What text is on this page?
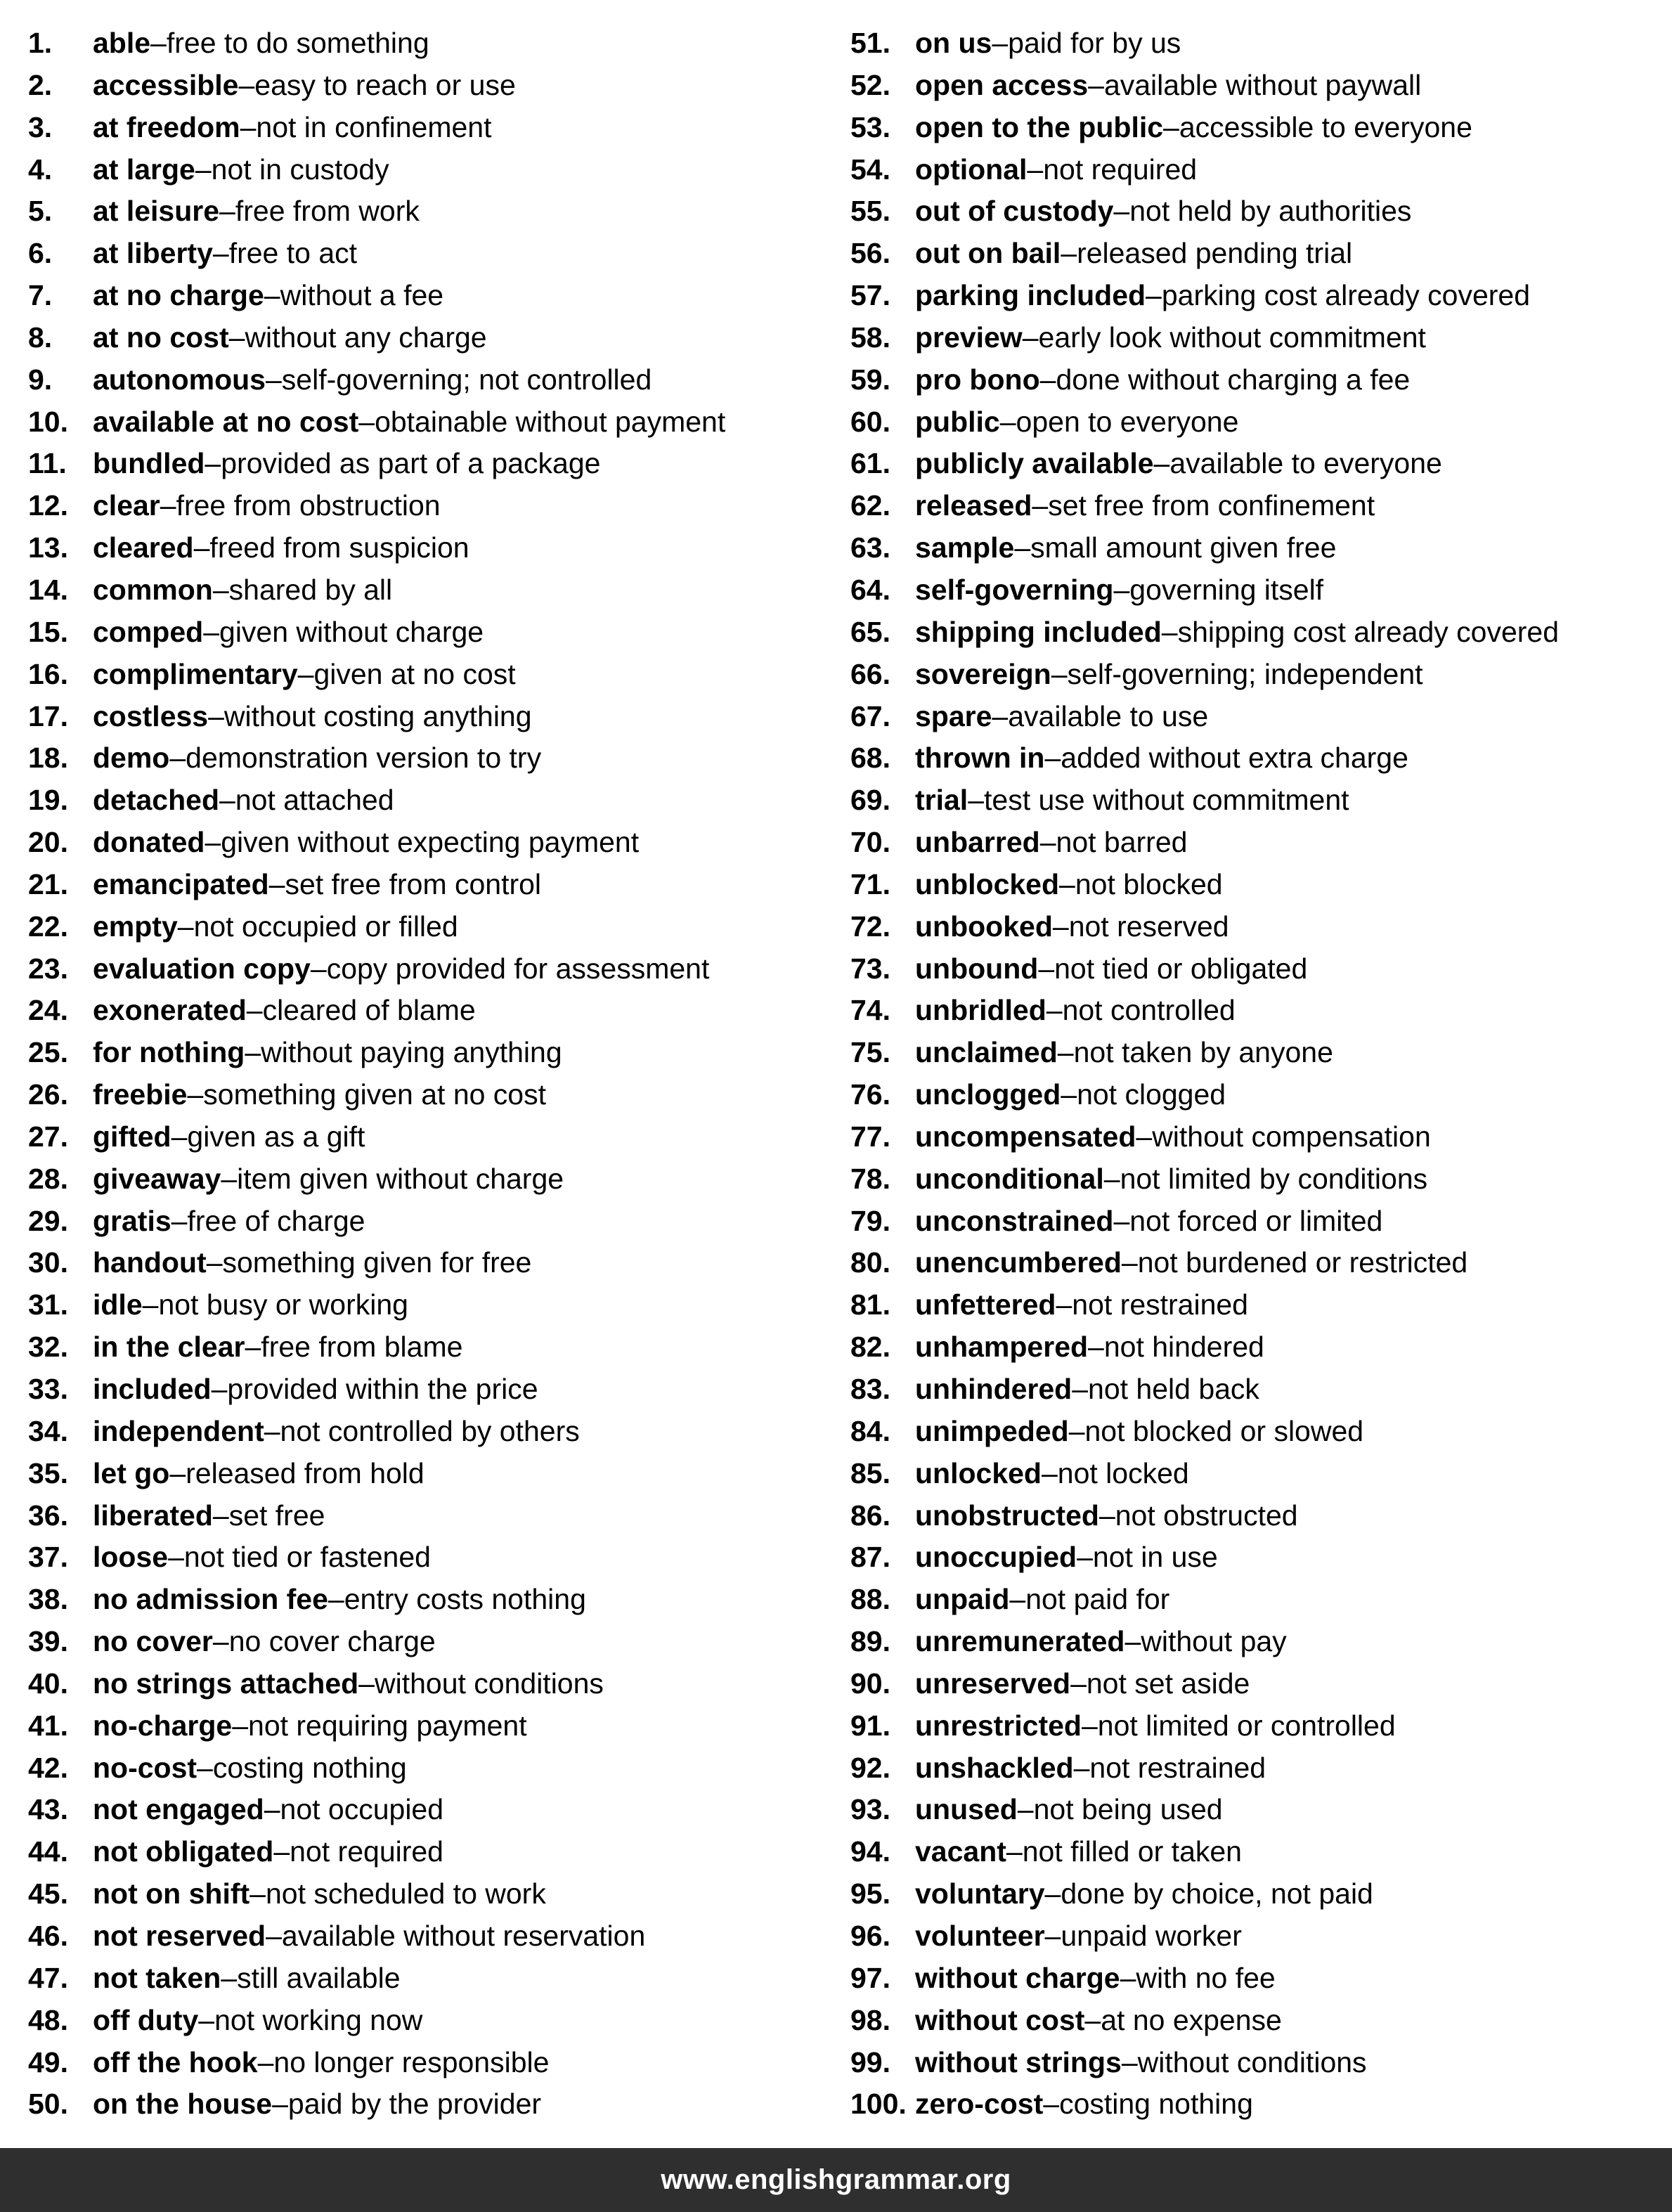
1.	able – free to do something
2.	accessible – easy to reach or use
3.	at freedom – not in confinement
4.	at large – not in custody
5.	at leisure – free from work
6.	at liberty – free to act
7.	at no charge – without a fee
8.	at no cost – without any charge
9.	autonomous – self-governing; not controlled
10. available at no cost – obtainable without payment
11. bundled – provided as part of a package
12. clear – free from obstruction
13. cleared – freed from suspicion
14. common – shared by all
15. comped – given without charge
16. complimentary – given at no cost
17. costless – without costing anything
18. demo – demonstration version to try
19. detached – not attached
20. donated – given without expecting payment
21. emancipated – set free from control
22. empty – not occupied or filled
23. evaluation copy – copy provided for assessment
24. exonerated – cleared of blame
25. for nothing – without paying anything
26. freebie – something given at no cost
27. gifted – given as a gift
28. giveaway – item given without charge
29. gratis – free of charge
30. handout – something given for free
31. idle – not busy or working
32. in the clear – free from blame
33. included – provided within the price
34. independent – not controlled by others
35. let go – released from hold
36. liberated – set free
37. loose – not tied or fastened
38. no admission fee – entry costs nothing
39. no cover – no cover charge
40. no strings attached – without conditions
41. no-charge – not requiring payment
42. no-cost – costing nothing
43. not engaged – not occupied
44. not obligated – not required
45. not on shift – not scheduled to work
46. not reserved – available without reservation
47. not taken – still available
48. off duty – not working now
49. off the hook – no longer responsible
50. on the house – paid by the provider
51. on us – paid for by us
52. open access – available without paywall
53. open to the public – accessible to everyone
54. optional – not required
55. out of custody – not held by authorities
56. out on bail – released pending trial
57. parking included – parking cost already covered
58. preview – early look without commitment
59. pro bono – done without charging a fee
60. public – open to everyone
61. publicly available – available to everyone
62. released – set free from confinement
63. sample – small amount given free
64. self-governing – governing itself
65. shipping included – shipping cost already covered
66. sovereign – self-governing; independent
67. spare – available to use
68. thrown in – added without extra charge
69. trial – test use without commitment
70. unbarred – not barred
71. unblocked – not blocked
72. unbooked – not reserved
73. unbound – not tied or obligated
74. unbridled – not controlled
75. unclaimed – not taken by anyone
76. unclogged – not clogged
77. uncompensated – without compensation
78. unconditional – not limited by conditions
79. unconstrained – not forced or limited
80. unencumbered – not burdened or restricted
81. unfettered – not restrained
82. unhampered – not hindered
83. unhindered – not held back
84. unimpeded – not blocked or slowed
85. unlocked – not locked
86. unobstructed – not obstructed
87. unoccupied – not in use
88. unpaid – not paid for
89. unremunerated – without pay
90. unreserved – not set aside
91. unrestricted – not limited or controlled
92. unshackled – not restrained
93. unused – not being used
94. vacant – not filled or taken
95. voluntary – done by choice, not paid
96. volunteer – unpaid worker
97. without charge – with no fee
98. without cost – at no expense
99. without strings – without conditions
100. zero-cost – costing nothing
www.englishgrammar.org
